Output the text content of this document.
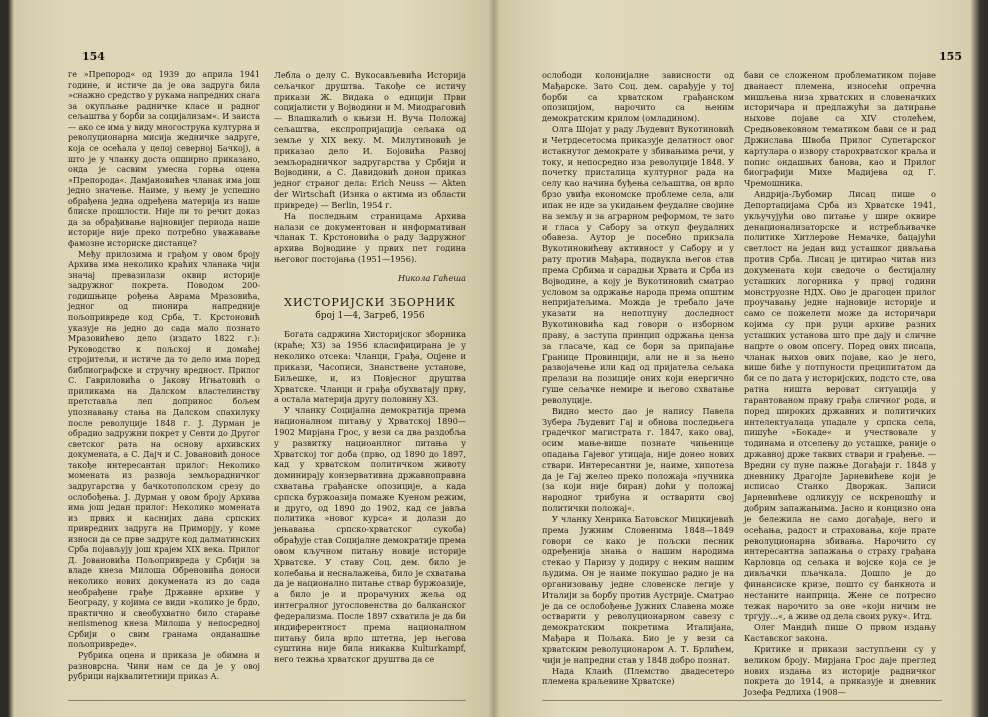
154

ге »Препород« од 1939 до априла 1941 године, и истиче да је ова задруга била »снажно средство у рукама напредних снага за окупљање радничке класе и радног сељаштва у борби за социјализам«. И заиста — ако се има у виду многострука културна и револуционарна мисија жедничке задруге, која се осећала у целој северној Бачкој), а што је у чланку доста опширно приказано, онда је сасвим умесна горња оцена »Препорода«. Дамјановићев чланак има још једно значење. Наиме, у њему је успешно обрађена једна одређена материја из наше блиске прошлости. Није ли то речит доказ да за обрађивање најновијег периода наше историје није преко потребно уважавање фамозне историске дистанце?

Међу прилозима и грађом у овом броју Архива има неколико краћих чланака чији значај превазилази оквир историје задружног покрета. Поводом 200-годишњице рођења Аврама Мразовића, једног од пионира напредније пољопривреде код Срба, Т. Крстоновић указује на једно до сада мало познато Мразовићево дело (издато 1822 г.): Руководство к пољској и домаћеј стројитељи, и истиче да то дело има поред библиографске и стручну вредност. Прилог С. Гавриловића о Јакову Игњатовић о приликама на Далском властелинству претставља леп допринос бољем упознавању стања на Далском спахилуку после револуције 1848 г. Ј. Дурман је обрадио задружни покрет у Сенти до Другог светског рата на основу архивских докумената, а С. Дајч и С. Јовановић доносе такође интересантан прилог: Неколико момената из развоја земљорадничког задругарства у бачкотополском срезу до ослобођења. Ј. Дурман у овом броју Архива има још један прилог: Неколико момената из првих и каснијих дана српских привредних задруга на Приморју, у коме износи да се прве задруге код далматинских Срба појављују још крајем XIX века. Прилог Д. Јовановића Пољопривреда у Србији за владе кнеза Милоша Обреновића доноси неколико нових докумената из до сада необрађене грађе Државне архиве у Београду, у којима се види »колико је брдо, практично и свеобухватно било старање непismenog кнеза Милоша у непосредној Србији о свим гранама онданашње пољопривреде«.

Рубрика оцена и приказа је обимна и разноврсна. Чини нам се да је у овој рубрици најквалитетнији приказ А.

Лебла о делу С. Вукосављевића Историја сељачког друштва. Такође се истичу прикази Ж. Видака о едицији Први социјалисти у Војводини и М. Миодраговић — Влашкалић о књизи Н. Вуча Положај сељаштва, експропријација сељака од земље у XIX веку. М. Милутиновић је приказао дело И. Бојовића Развој земљорадничког задругарства у Србији и Војводини, а С. Давидовић донои приказ једног страног дела: Erich Neuss — Akten der Wirtschaft (Изнка о актима из области привреде) — Berlin, 1954 г.

На последњим страницама Архива налази се документован и информативан чланак Т. Крстоновића о раду Задружног архива Војводине у првих пет година његовог постојања (1951—1956).

Никола Гаћеша
ХИСТОРИЈСКИ ЗБОРНИК
број 1—4, Загреб, 1956

Богата садржина Хисторијског зборника (краће; ХЗ) за 1956 класифицирана је у неколико отсека: Чланци, Грађа, Оцјене и прикази, Часописи, Знанствене установе, Биљешке, и, из Повјесног друштва Хрватске. Чланци и грађа обухватају прву, а остала материја другу половину ХЗ.

У чланку Социјална демократија према националном питању у Хрватској 1890—1902 Мирјана Грос, у вези са два раздобља у развитку нациоанлног питања у Хрватској тог доба (прво, од 1890 до 1897, кад у хрватском политичком животу доминирају конзервативна државноправна схватања грађанске опозиције, а када српска буржоазија помаже Куеном режим, и друго, од 1890 до 1902, кад се јавља политика »новог курса« и долази до јењавања српско-хрватског сукоба) обрађује став Социјалне демократије према овом кључном питању новије историје Хрватске. У ставу Соц. дем. било је колебања и несналажења, било је схватања да је национално питање ствар буржоазије, а било је и прорачуних жеља од интегралног југословенства до балканског федерализма. После 1897 схватила је да би индиферентност према националном питању била врло штетна, јер његова суштина није била никаква Kulturkampf, него тежња хрватског друштва да се

155

ослободи колонијалне зависности од Мађарске. Зато Соц. дем. сарађује у тој борби са хрватском грађанском опозицијом, нарочито са њеним демократским крилом (омладином).

Олга Шојат у раду Људевит Вукотиновић и Четрдесетосма приказује делатност овог истакнутог демократе у збивањима речи, у току, и непосредно иза револуције 1848. У почетку присталица културног рада на селу као начина буђења сељаштва, он врло брзо увиђа економске проблеме села, али ипак не иде за укидањем феудалне својине на земљу и за аграрном реформом, те зато и гласа у Сабору за откуп феудалних обавеза. Аутор је посебно прикзала Вукотиновићеву активност у Сабору и у рату против Мађара, подвукла његов став према Србима и сарадњи Хрвата и Срба из Војводине, а коју је Вукотиновић сматрао условом за одржање нарoда према општим непријатељима. Можда је требало јаче указати на непотпуну доследност Вукотиновића кад говори о изборном праву, а заступа принцип одржања цензa за гласаче, кад се бори за припајање Границе Провинцији, али не и за њено развојачење или кад од пријатеља сељака прелази на позиције оних који енергично гуше сељачке немире и његово схватање револуције.

Видно место дао је напису Павела Зубера Људевит Гај и обнова последњега градечког магистрата г. 1847, како овај, осим мање-више пoзнате чињенице опадања Гајевог утицаја, није донео нових ствари. Интересантни је, наиме, хипотеза да је Гај желео преко положаја »пучника (за који није биран) доћи у положај народног трибуна и остварити свој политички положај«.

У чланку Хенрика Батовског Мицкијевић према Јужним Словенима 1848—1849 говори се како је пољски песник одређенија знања о нашим народима стекао у Паризу у додиру с неким нашим људима. Он је наиме покушао радио је на организовању једне словенске легије у Италији за борбу против Аустрије. Сматрао је да се ослобођење Јужних Славена може остварити у револуционарном савезу с демократским покретима Италијана, Мађара и Пољака. Био је у вези са хрватским револуционаром А. Т. Брлићем, чији је напредни став у 1848 добро познат.

Нада Клаић (Племство двадесетеро племена краљевине Хрватске)

бави се сложеном проблематиком појаве дванаест племена, износећи опречна мишљења низа хрватских и словеначких историчара и предлажући за датирање ныхове појаве са XIV столећем, Средњовековном тематиком бави се и рад Држислава Швоба Прилог Супетарског картулара о извору старохрватског краља и попис ондашњих банова, као и Прилог биографији Михе Мадијева од Г. Чремошника.

Андрија-Љубомир Лисац пише о Депортацијама Срба из Хрватске 1941, укључујући ово питање у шире оквире денационализаторске и истребљивачке политике Хитлерове Немачке, бацајући светлост на један вид усташког дивљања против Срба. Лисац је цитирао читав низ докумената који сведоче о бестијалну усташких логорника у првој години монструозне НДХ. Ово је драгоцен прилог проучавању једне најновије историје и само се пожелети може да историчари којима су при руци архиве разних усташких установа што пре дају и сличне нацрте о овом опсегу. Поред ових писаца, чланак њихов ових појаве, као је него, више биће у потпуности преципитатом да би се пo дата у историјских, подсто сте, ова ратна ништа вероват ситуација у гарантованом праву грађа сличног рода, и поред широких државних и политичких интелектуалаца упадале у српска села, пишуће »Бокаде« и учествовале у тодинама и отселењу до усташке, раније о државној држе таквих ствари и грађење. — Вредни су пуне пажње Догађаји г. 1848 у дневнику Драгојле Јарневићеве који је исписао Станко Дворжак. Записи Јарневићеве одликују се искреношћу и добрим запажањима. Јасно и концизно она је бележила не само догађаје, него и осећања, радост и страховања, које прате револуционарна збивања. Нарочито су интересантна запажања о страху грађана Карловца од сељака и војске која се је дивљачки пљачкала. Дошло је до финансиске кризе, пошто су банкнота и нестаните наиприца. Жене се потресно тежак нарочито за оне »који ничим не тргују...«, а живе од дела своих руку«. Итд.

Олег Мандић пише О првом издању Каставског закона.

Критике и прикази заступљени су у великом броју. Мирјана Грос даје преглед нових издања из историје радничког покрета до 1914, а приказује и дневник Јозефа Редлиха (1908—
